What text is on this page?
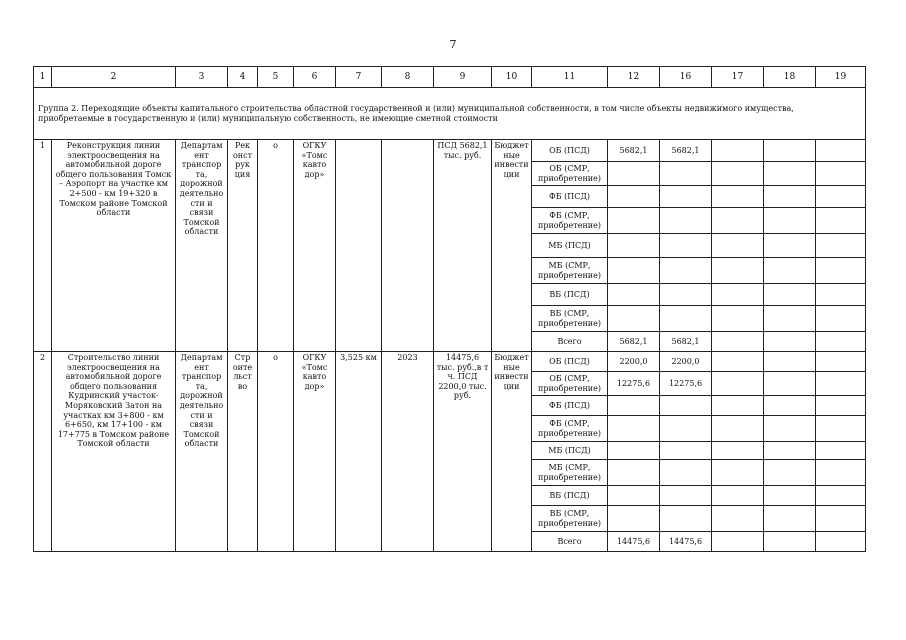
7
1	2	3	4	5	6	7	8	9	10	11	12	16	17	18	19
Группа 2. Переходящие объекты капитального строительства областной государственной и (или) муниципальной собственности, в том числе объекты недвижимого имущества, приобретаемые в государственную и (или) муниципальную собственность, не имеющие сметной стоимости															
1	Реконструкция линии электроосвещения на автомобильной дороге общего пользования Томск – Аэропорт на участке км 2+500 - км 19+320 в Томском районе Томской области	Департам ент транспор та, дорожной деятельно сти и связи Томской области	Рек онст рук ция	о	ОГКУ «Томс кавто дор»			ПСД 5682,1 тыс. руб.	Бюджет ные инвести ции	ОБ (ПСД)	5682,1	5682,1			
										ОБ (СМР, приобретение)					
										ФБ (ПСД)					
										ФБ (СМР, приобретение)					
										МБ (ПСД)					
										МБ (СМР, приобретение)					
										ВБ (ПСД)					
										ВБ (СМР, приобретение)					
										Всего	5682,1	5682,1			
2	Строительство линии электроосвещения на автомобильной дороге общего пользования Кудринский участок-Моряковский Затон на участках км 3+800 - км 6+650, км 17+100 - км 17+775 в Томском районе Томской области	Департам ент транспор та, дорожной деятельно сти и связи Томской области	Стр оите льст во	о	ОГКУ «Томс кавто дор»	3,525 км	2023	14475,6 тыс. руб.,в т ч. ПСД 2200,0 тыс. руб.	Бюджет ные инвести ции	ОБ (ПСД)	2200,0	2200,0			
										ОБ (СМР, приобретение)	12275,6	12275,6			
										ФБ (ПСД)					
										ФБ (СМР, приобретение)					
										МБ (ПСД)					
										МБ (СМР, приобретение)					
										ВБ (ПСД)					
										ВБ (СМР, приобретение)					
										Всего	14475,6	14475,6			
